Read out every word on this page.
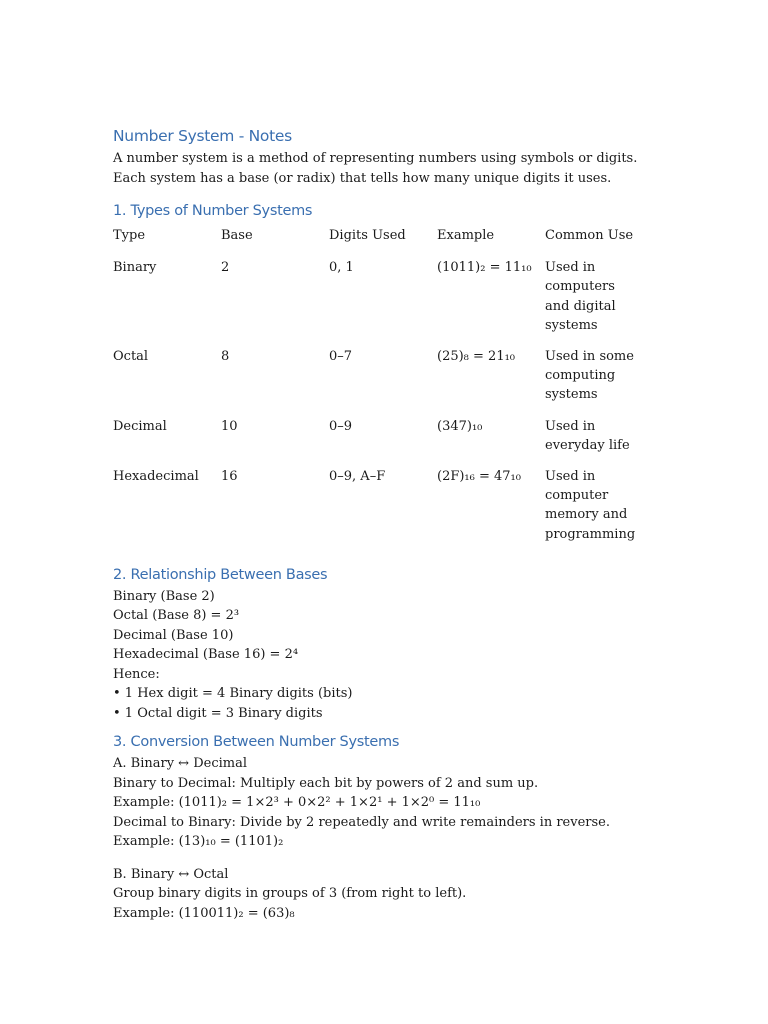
Number System - Notes

A number system is a method of representing numbers using symbols or digits. Each system has a base (or radix) that tells how many unique digits it uses.

1. Types of Number Systems
Type	Base	Digits Used	Example	Common Use
Binary	2	0, 1	(1011)₂ = 11₁₀	Used in computers and digital systems
Octal	8	0–7	(25)₈ = 21₁₀	Used in some computing systems
Decimal	10	0–9	(347)₁₀	Used in everyday life
Hexadecimal	16	0–9, A–F	(2F)₁₆ = 47₁₀	Used in computer memory and programming
2. Relationship Between Bases
Binary (Base 2)
Octal (Base 8) = 2³
Decimal (Base 10)
Hexadecimal (Base 16) = 2⁴
Hence:
• 1 Hex digit = 4 Binary digits (bits)
• 1 Octal digit = 3 Binary digits
3. Conversion Between Number Systems
A. Binary ↔ Decimal
Binary to Decimal: Multiply each bit by powers of 2 and sum up.
Example: (1011)₂ = 1×2³ + 0×2² + 1×2¹ + 1×2⁰ = 11₁₀
Decimal to Binary: Divide by 2 repeatedly and write remainders in reverse.
Example: (13)₁₀ = (1101)₂
B. Binary ↔ Octal
Group binary digits in groups of 3 (from right to left).
Example: (110011)₂ = (63)₈
